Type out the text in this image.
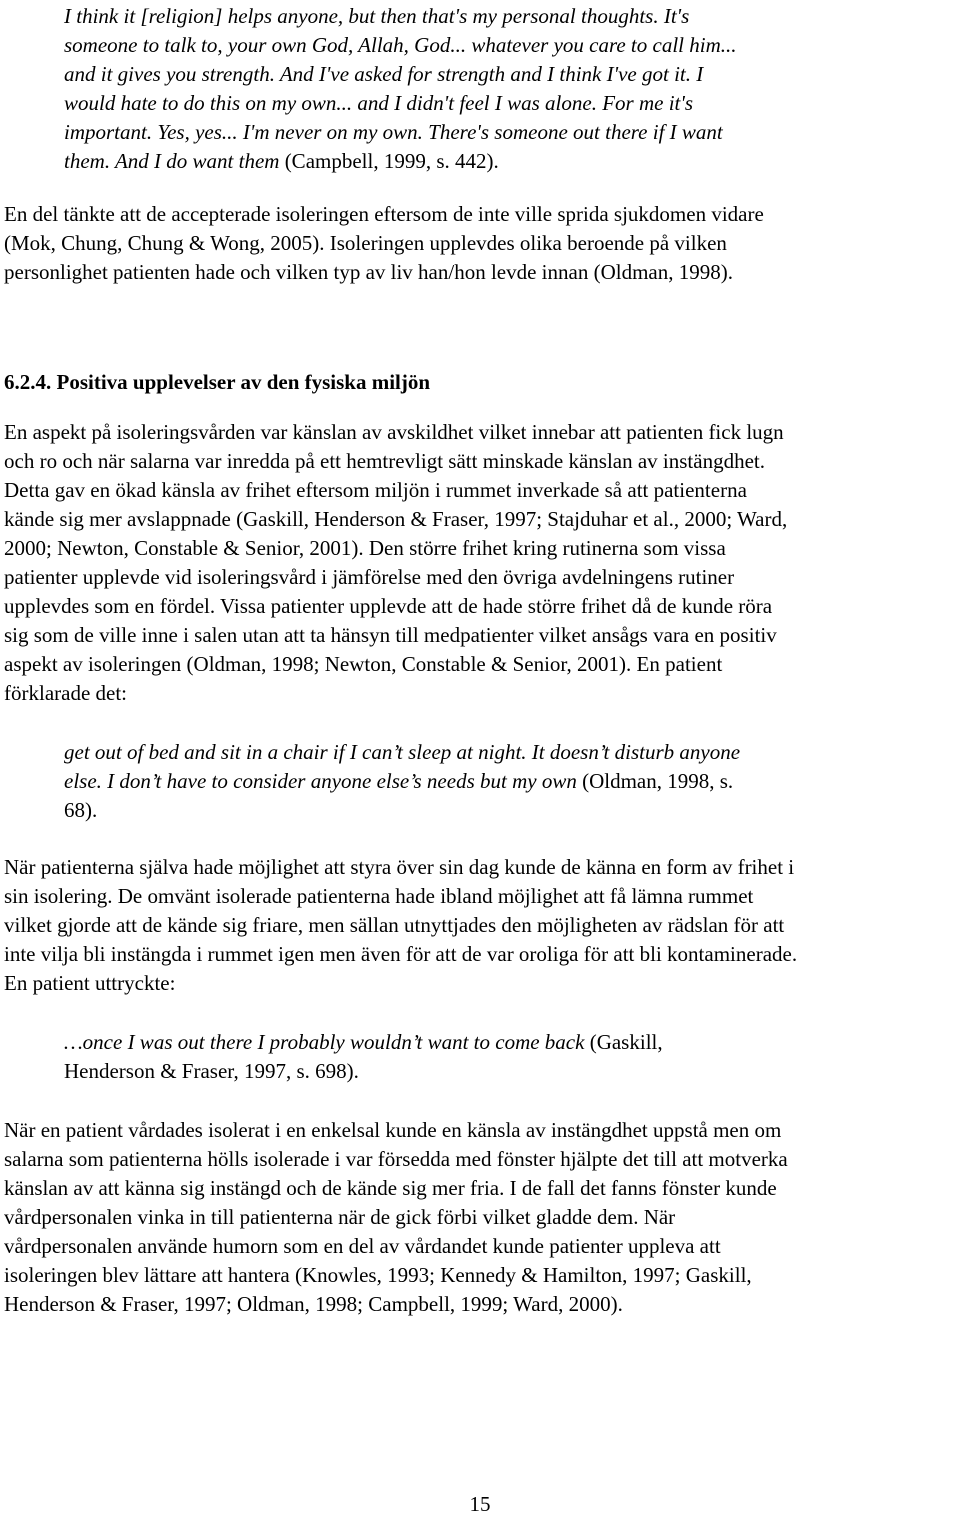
I think it [religion] helps anyone, but then that's my personal thoughts. It's
someone to talk to, your own God, Allah, God... whatever you care to call him...
and it gives you strength. And I've asked for strength and I think I've got it. I
would hate to do this on my own... and I didn't feel I was alone. For me it's
important. Yes, yes... I'm never on my own. There's someone out there if I want
them. And I do want them (Campbell, 1999, s. 442).
En del tänkte att de accepterade isoleringen eftersom de inte ville sprida sjukdomen vidare
(Mok, Chung, Chung & Wong, 2005). Isoleringen upplevdes olika beroende på vilken
personlighet patienten hade och vilken typ av liv han/hon levde innan (Oldman, 1998).
6.2.4. Positiva upplevelser av den fysiska miljön
En aspekt på isoleringsvården var känslan av avskildhet vilket innebar att patienten fick lugn
och ro och när salarna var inredda på ett hemtrevligt sätt minskade känslan av instängdhet.
Detta gav en ökad känsla av frihet eftersom miljön i rummet inverkade så att patienterna
kände sig mer avslappnade (Gaskill, Henderson & Fraser, 1997; Stajduhar et al., 2000; Ward,
2000; Newton, Constable & Senior, 2001). Den större frihet kring rutinerna som vissa
patienter upplevde vid isoleringsvård i jämförelse med den övriga avdelningens rutiner
upplevdes som en fördel. Vissa patienter upplevde att de hade större frihet då de kunde röra
sig som de ville inne i salen utan att ta hänsyn till medpatienter vilket ansågs vara en positiv
aspekt av isoleringen (Oldman, 1998; Newton, Constable & Senior, 2001). En patient
förklarade det:
get out of bed and sit in a chair if I can’t sleep at night. It doesn’t disturb anyone
else. I don’t have to consider anyone else’s needs but my own (Oldman, 1998, s.
68).
När patienterna själva hade möjlighet att styra över sin dag kunde de känna en form av frihet i
sin isolering. De omvänt isolerade patienterna hade ibland möjlighet att få lämna rummet
vilket gjorde att de kände sig friare, men sällan utnyttjades den möjligheten av rädslan för att
inte vilja bli instängda i rummet igen men även för att de var oroliga för att bli kontaminerade.
En patient uttryckte:
…once I was out there I probably wouldn’t want to come back (Gaskill,
Henderson & Fraser, 1997, s. 698).
När en patient vårdades isolerat i en enkelsal kunde en känsla av instängdhet uppstå men om
salarna som patienterna hölls isolerade i var försedda med fönster hjälpte det till att motverka
känslan av att känna sig instängd och de kände sig mer fria. I de fall det fanns fönster kunde
vårdpersonalen vinka in till patienterna när de gick förbi vilket gladde dem. När
vårdpersonalen använde humorn som en del av vårdandet kunde patienter uppleva att
isoleringen blev lättare att hantera (Knowles, 1993; Kennedy & Hamilton, 1997; Gaskill,
Henderson & Fraser, 1997; Oldman, 1998; Campbell, 1999; Ward, 2000).
15
